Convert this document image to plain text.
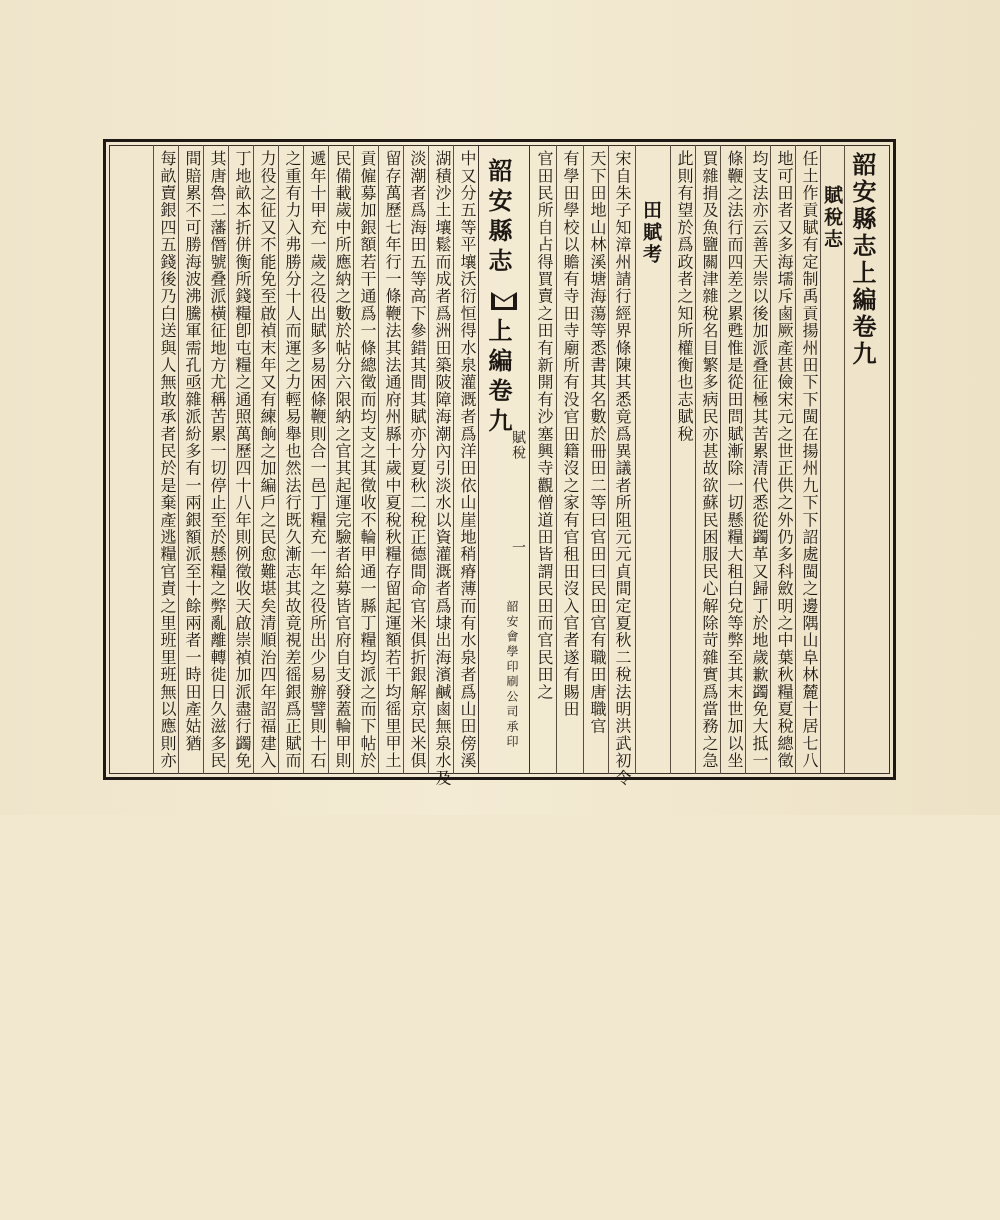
韶安縣志上編卷九
賦稅志
任土作貢賦有定制禹貢揚州田下下閩在揚州九下下詔處閩之邊隅山阜林麓十居七八
地可田者又多海壖斥鹵厥產甚儉宋元之世正供之外仍多科斂明之中葉秋糧夏稅總徵
均支法亦云善天崇以後加派叠征極其苦累清代悉從蠲革又歸丁於地歲歉蠲免大抵一
條鞭之法行而四差之累甦惟是從田問賦漸除一切懸糧大租白兌等弊至其末世加以坐
買雜捐及魚鹽關津雜稅名目繁多病民亦甚故欲蘇民困服民心解除苛雜實爲當務之急
此則有望於爲政者之知所權衡也志賦稅
田賦考
宋自朱子知漳州請行經界條陳其悉竟爲異議者所阻元元貞間定夏秋二稅法明洪武初令
天下田地山林溪塘海蕩等悉書其名數於冊田二等曰官田曰民田官有職田唐職官
有學田學校以贍有寺田寺廟所有没官田籍沒之家有官租田沒入官者遂有賜田
官田民所自占得買賣之田有新開有沙塞興寺觀僧道田皆謂民田而官民田之
韶安縣志
上編卷九
賦稅
一
韶安會學印刷公司承印
中又分五等平壤沃衍恒得水泉灌溉者爲洋田依山崖地稍瘠薄而有水泉者爲山田傍溪
湖積沙土壤鬆而成者爲洲田築陂障海潮內引淡水以資灌溉者爲埭出海濱鹹鹵無泉水及
淡潮者爲海田五等高下參錯其間其賦亦分夏秋二稅正德間命官米俱折銀解京民米俱
留存萬歷七年行一條鞭法其法通府州縣十歲中夏稅秋糧存留起運額若干均徭里甲土
貢僱募加銀額若干通爲一條總徵而均支之其徵收不輪甲通一縣丁糧均派之而下帖於
民備載歲中所應納之數於帖分六限納之官其起運完驗者給募皆官府自支發蓋輪甲則
遞年十甲充一歲之役出賦多易困條鞭則合一邑丁糧充一年之役所出少易辦譬則十石
之重有力入弗勝分十人而運之力輕易舉也然法行既久漸志其故竟視差徭銀爲正賦而
力役之征又不能免至啟禎末年又有練餉之加編戶之民愈難堪矣清順治四年詔福建入
丁地畝本折併衡所錢糧卽屯糧之通照萬歷四十八年則例徵收天啟崇禎加派盡行蠲免
其唐魯二藩僭號叠派橫征地方尤稱苦累一切停止至於懸糧之弊亂離轉徙日久滋多民
間賠累不可勝海波沸騰軍需孔亟雜派紛多有一兩銀額派至十餘兩者一時田產姑猶
每畝賣銀四五錢後乃白送與人無敢承者民於是棄產逃糧官責之里班里班無以應則亦
